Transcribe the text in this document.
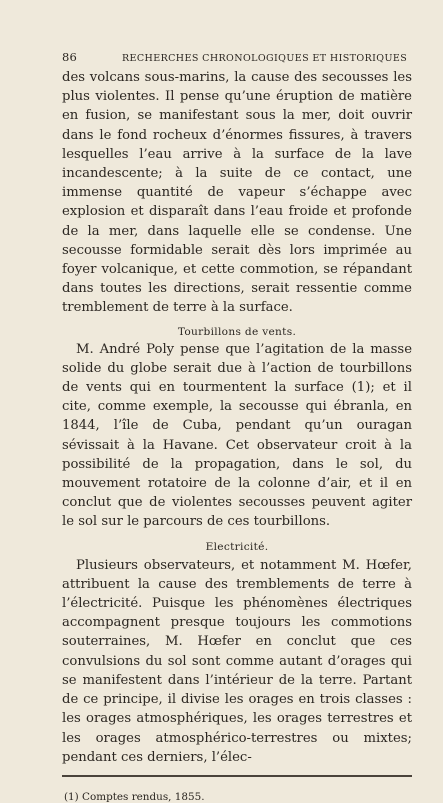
86	RECHERCHES CHRONOLOGIQUES ET HISTORIQUES

des volcans sous-marins, la cause des secousses les plus violentes. Il pense qu’une éruption de matière en fusion, se manifestant sous la mer, doit ouvrir dans le fond rocheux d’énormes fissures, à travers lesquelles l’eau arrive à la surface de la lave incandescente; à la suite de ce contact, une immense quantité de vapeur s’échappe avec explosion et disparaît dans l’eau froide et profonde de la mer, dans laquelle elle se condense. Une secousse formidable serait dès lors imprimée au foyer volcanique, et cette commotion, se répandant dans toutes les directions, serait ressentie comme tremblement de terre à la surface.

Tourbillons de vents.

M. André Poly pense que l’agitation de la masse solide du globe serait due à l’action de tourbillons de vents qui en tourmentent la surface (1); et il cite, comme exemple, la secousse qui ébranla, en 1844, l’île de Cuba, pendant qu’un ouragan sévissait à la Havane. Cet observateur croit à la possibilité de la propagation, dans le sol, du mouvement rotatoire de la colonne d’air, et il en conclut que de violentes secousses peuvent agiter le sol sur le parcours de ces tourbillons.

Electricité.

Plusieurs observateurs, et notamment M. Hœfer, attribuent la cause des tremblements de terre à l’électricité. Puisque les phénomènes électriques accompagnent presque toujours les commotions souterraines, M. Hœfer en conclut que ces convulsions du sol sont comme autant d’orages qui se manifestent dans l’intérieur de la terre. Partant de ce principe, il divise les orages en trois classes : les orages atmosphériques, les orages terrestres et les orages atmosphérico-terrestres ou mixtes; pendant ces derniers, l’élec-

(1) Comptes rendus, 1855.
